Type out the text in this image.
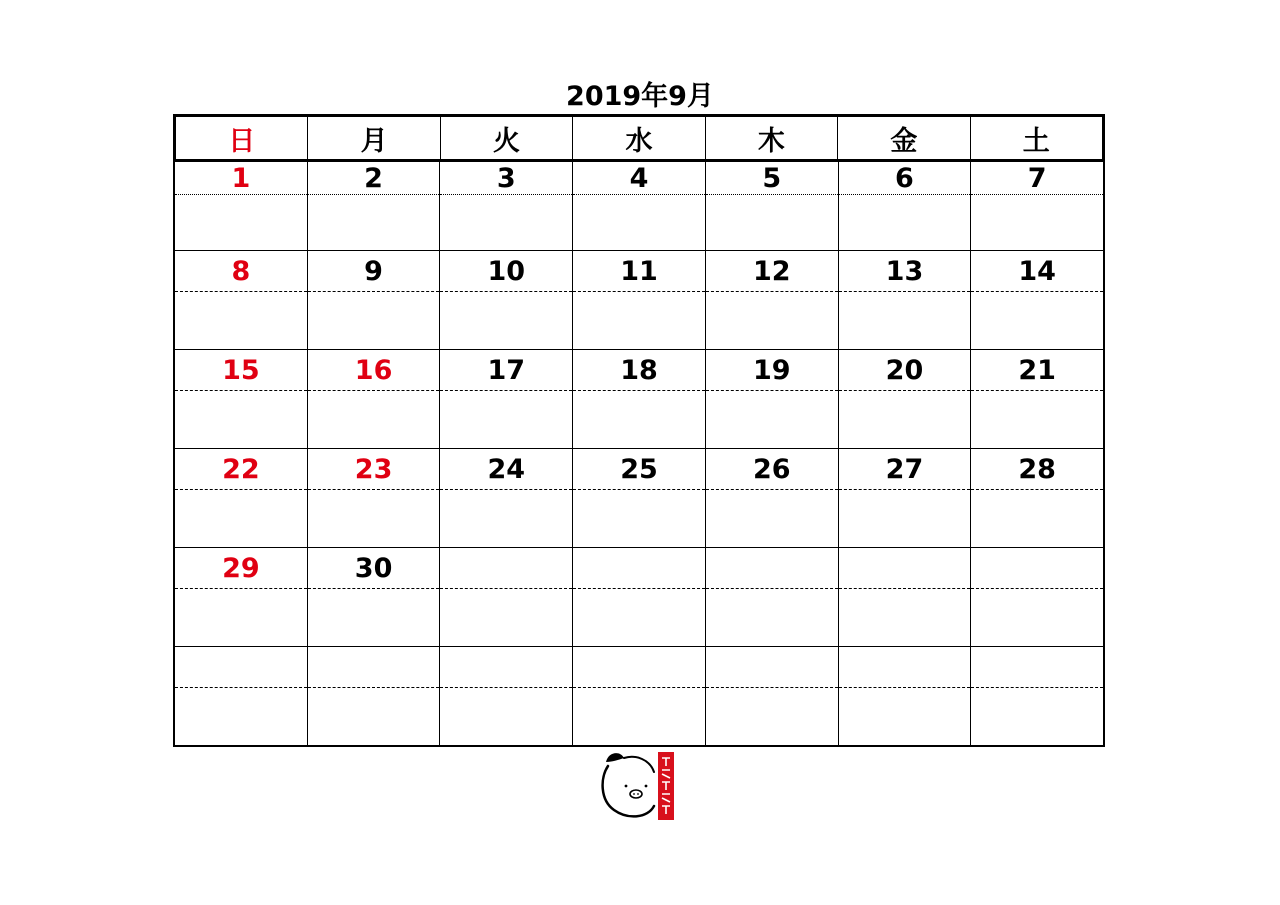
2019年9月
日	月	火	水	木	金	土
1	2	3	4	5	6	7
8	9	10	11	12	13	14
15	16	17	18	19	20	21
22	23	24	25	26	27	28
29	30
